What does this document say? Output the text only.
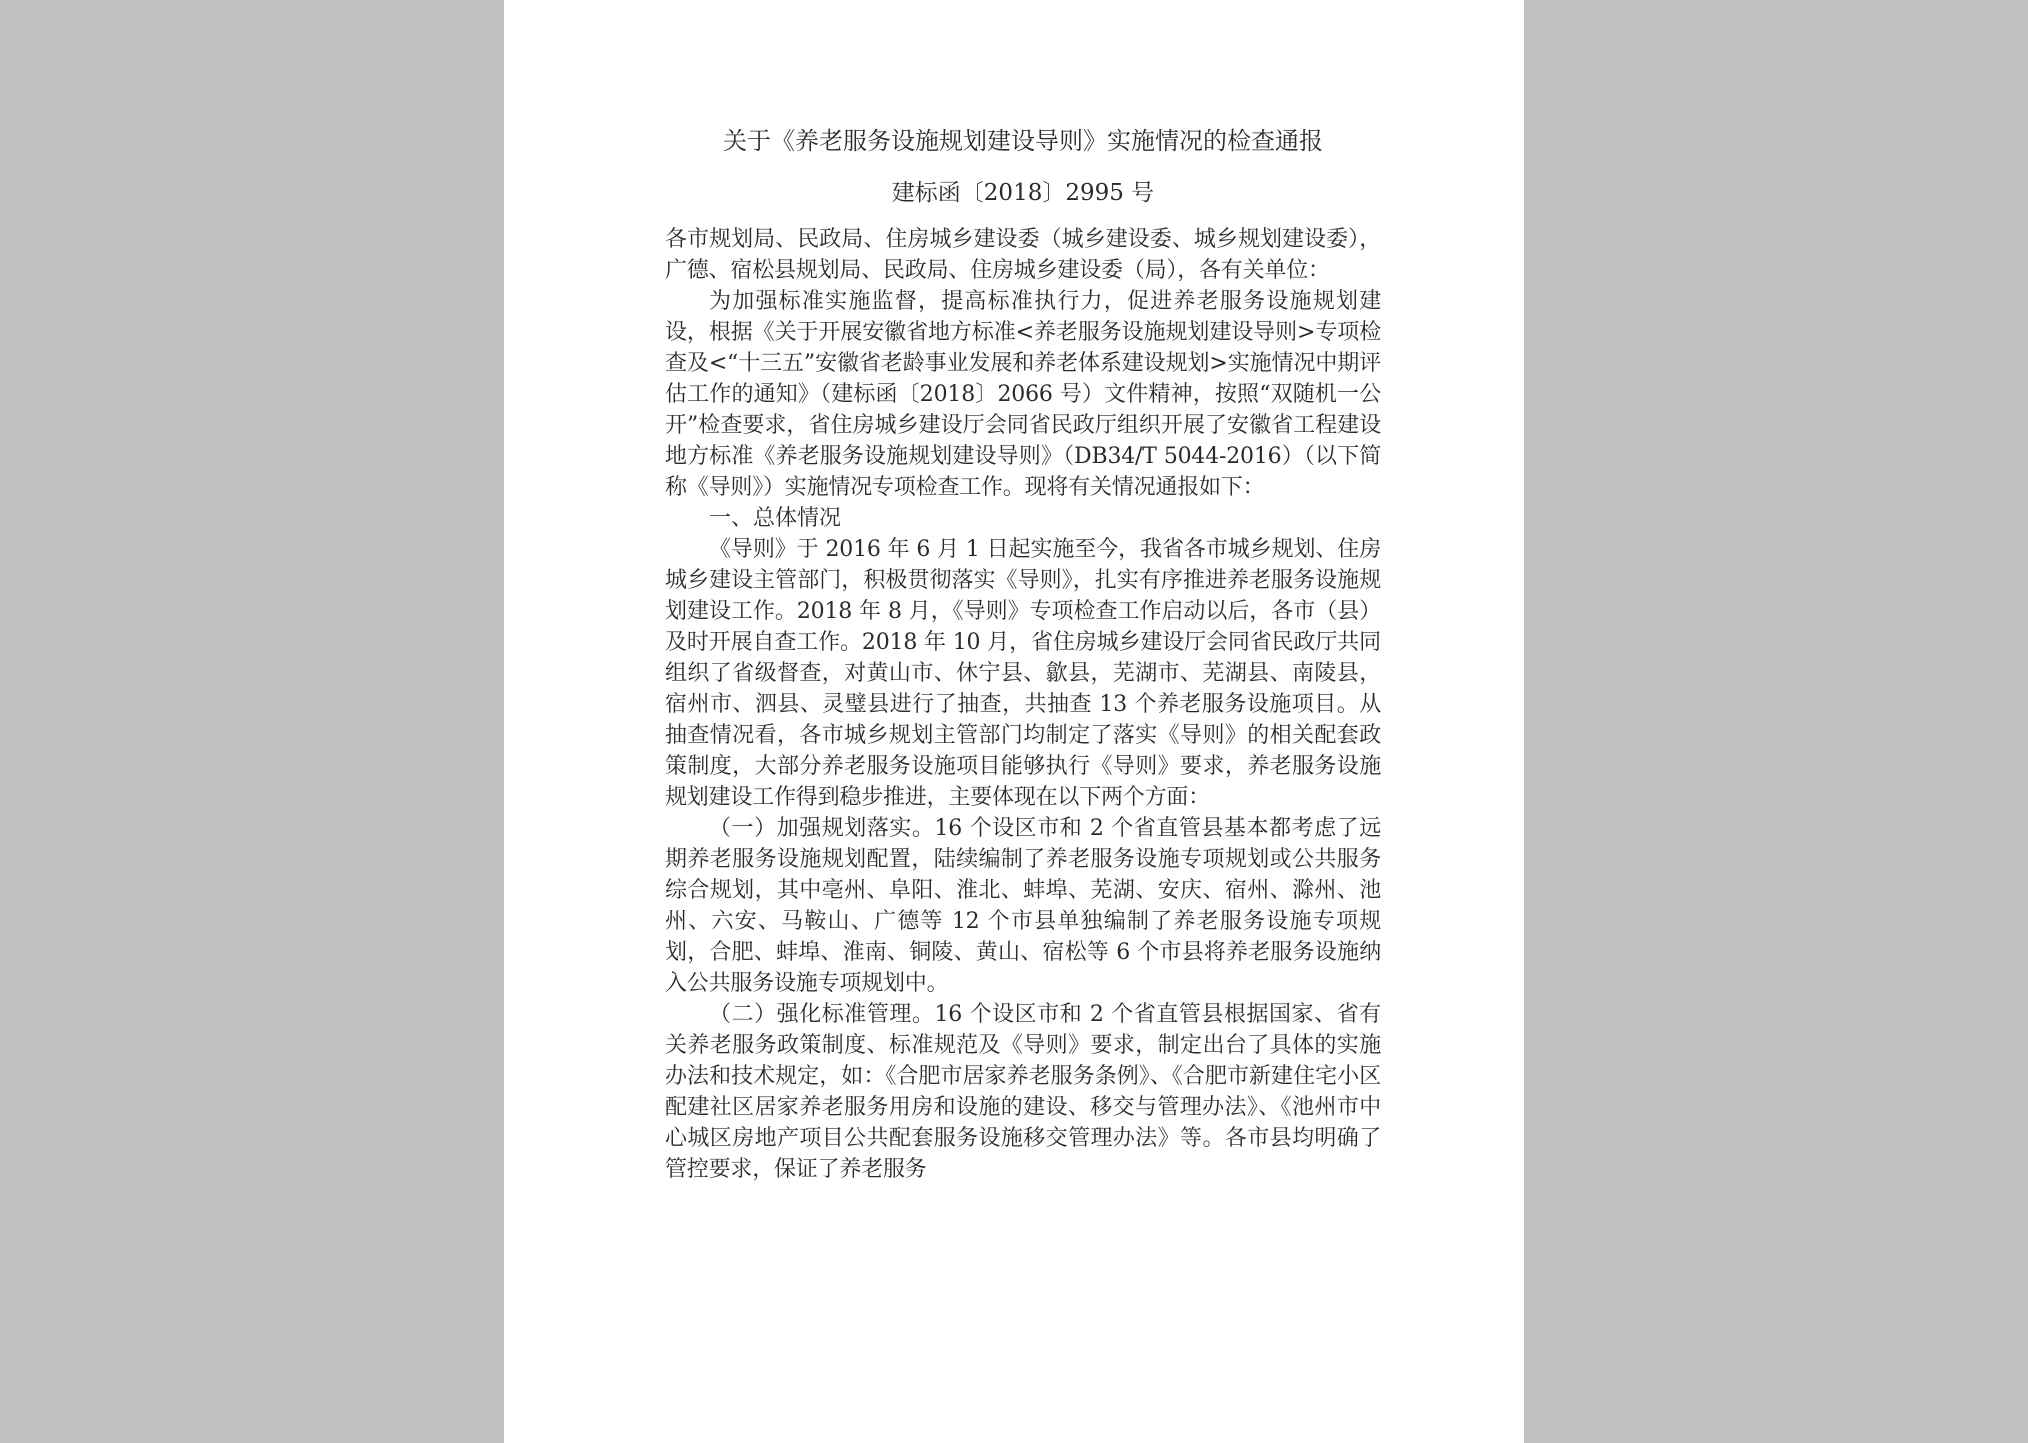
关于《养老服务设施规划建设导则》实施情况的检查通报
建标函〔2018〕2995 号

各市规划局、民政局、住房城乡建设委（城乡建设委、城乡规划建设委），广德、宿松县规划局、民政局、住房城乡建设委（局），各有关单位：

为加强标准实施监督，提高标准执行力，促进养老服务设施规划建设，根据《关于开展安徽省地方标准<养老服务设施规划建设导则>专项检查及<“十三五”安徽省老龄事业发展和养老体系建设规划>实施情况中期评估工作的通知》（建标函〔2018〕2066 号）文件精神，按照“双随机一公开”检查要求，省住房城乡建设厅会同省民政厅组织开展了安徽省工程建设地方标准《养老服务设施规划建设导则》（DB34/T 5044-2016）（以下简称《导则》）实施情况专项检查工作。现将有关情况通报如下：

一、总体情况

《导则》于 2016 年 6 月 1 日起实施至今，我省各市城乡规划、住房城乡建设主管部门，积极贯彻落实《导则》，扎实有序推进养老服务设施规划建设工作。2018 年 8 月，《导则》专项检查工作启动以后，各市（县）及时开展自查工作。2018 年 10 月，省住房城乡建设厅会同省民政厅共同组织了省级督查，对黄山市、休宁县、歙县，芜湖市、芜湖县、南陵县，宿州市、泗县、灵璧县进行了抽查，共抽查 13 个养老服务设施项目。从抽查情况看，各市城乡规划主管部门均制定了落实《导则》的相关配套政策制度，大部分养老服务设施项目能够执行《导则》要求，养老服务设施规划建设工作得到稳步推进，主要体现在以下两个方面：

（一）加强规划落实。16 个设区市和 2 个省直管县基本都考虑了远期养老服务设施规划配置，陆续编制了养老服务设施专项规划或公共服务综合规划，其中亳州、阜阳、淮北、蚌埠、芜湖、安庆、宿州、滁州、池州、六安、马鞍山、广德等 12 个市县单独编制了养老服务设施专项规划，合肥、蚌埠、淮南、铜陵、黄山、宿松等 6 个市县将养老服务设施纳入公共服务设施专项规划中。

（二）强化标准管理。16 个设区市和 2 个省直管县根据国家、省有关养老服务政策制度、标准规范及《导则》要求，制定出台了具体的实施办法和技术规定，如：《合肥市居家养老服务条例》、《合肥市新建住宅小区配建社区居家养老服务用房和设施的建设、移交与管理办法》、《池州市中心城区房地产项目公共配套服务设施移交管理办法》等。各市县均明确了管控要求，保证了养老服务
